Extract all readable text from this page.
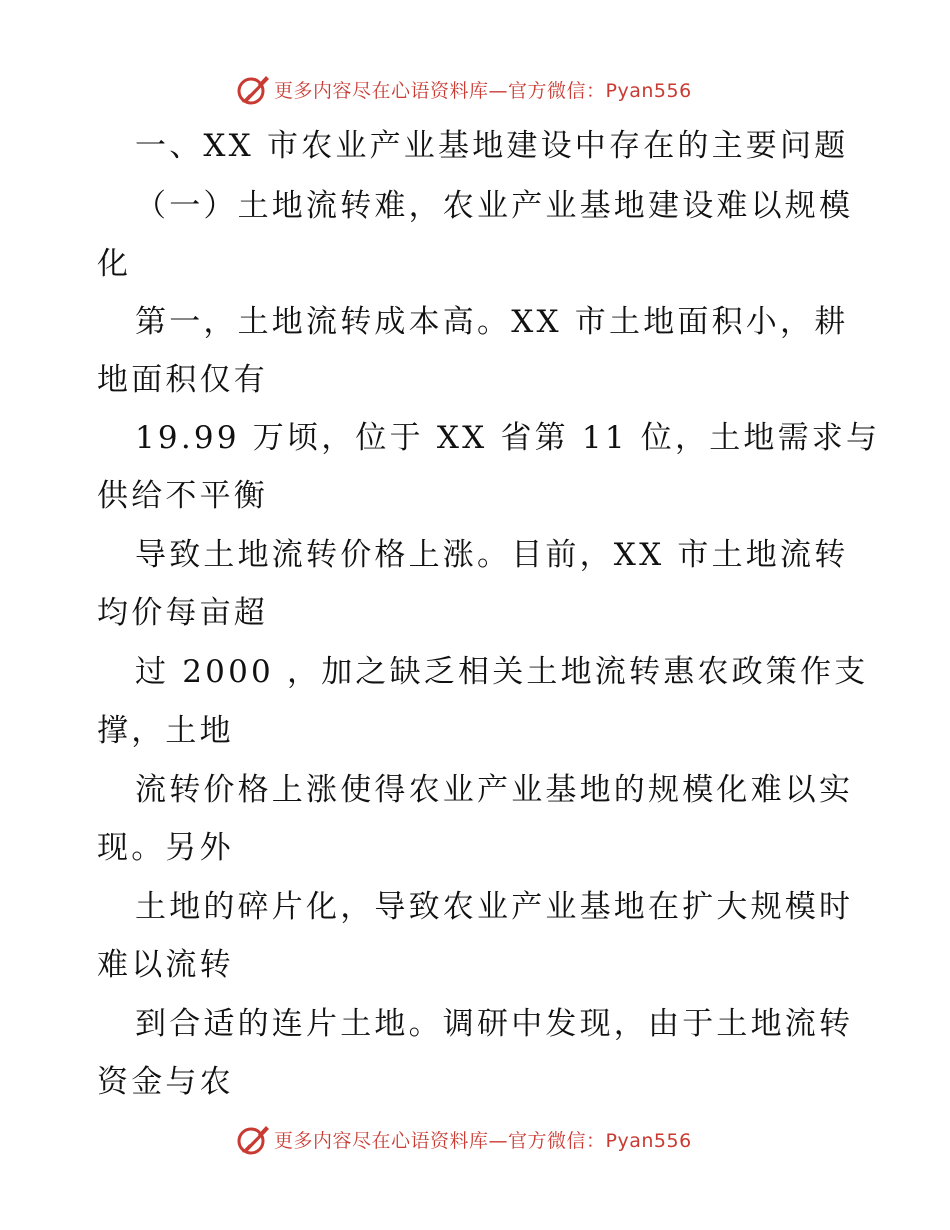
更多内容尽在心语资料库—官方微信：Pyan556
一、XX 市农业产业基地建设中存在的主要问题
（一）土地流转难，农业产业基地建设难以规模
化
第一，土地流转成本高。XX 市土地面积小，耕
地面积仅有
19.99 万顷，位于 XX 省第 11 位，土地需求与
供给不平衡
导致土地流转价格上涨。目前，XX 市土地流转
均价每亩超
过 2000 ，加之缺乏相关土地流转惠农政策作支
撑，土地
流转价格上涨使得农业产业基地的规模化难以实
现。另外
土地的碎片化，导致农业产业基地在扩大规模时
难以流转
到合适的连片土地。调研中发现，由于土地流转
资金与农
更多内容尽在心语资料库—官方微信：Pyan556
